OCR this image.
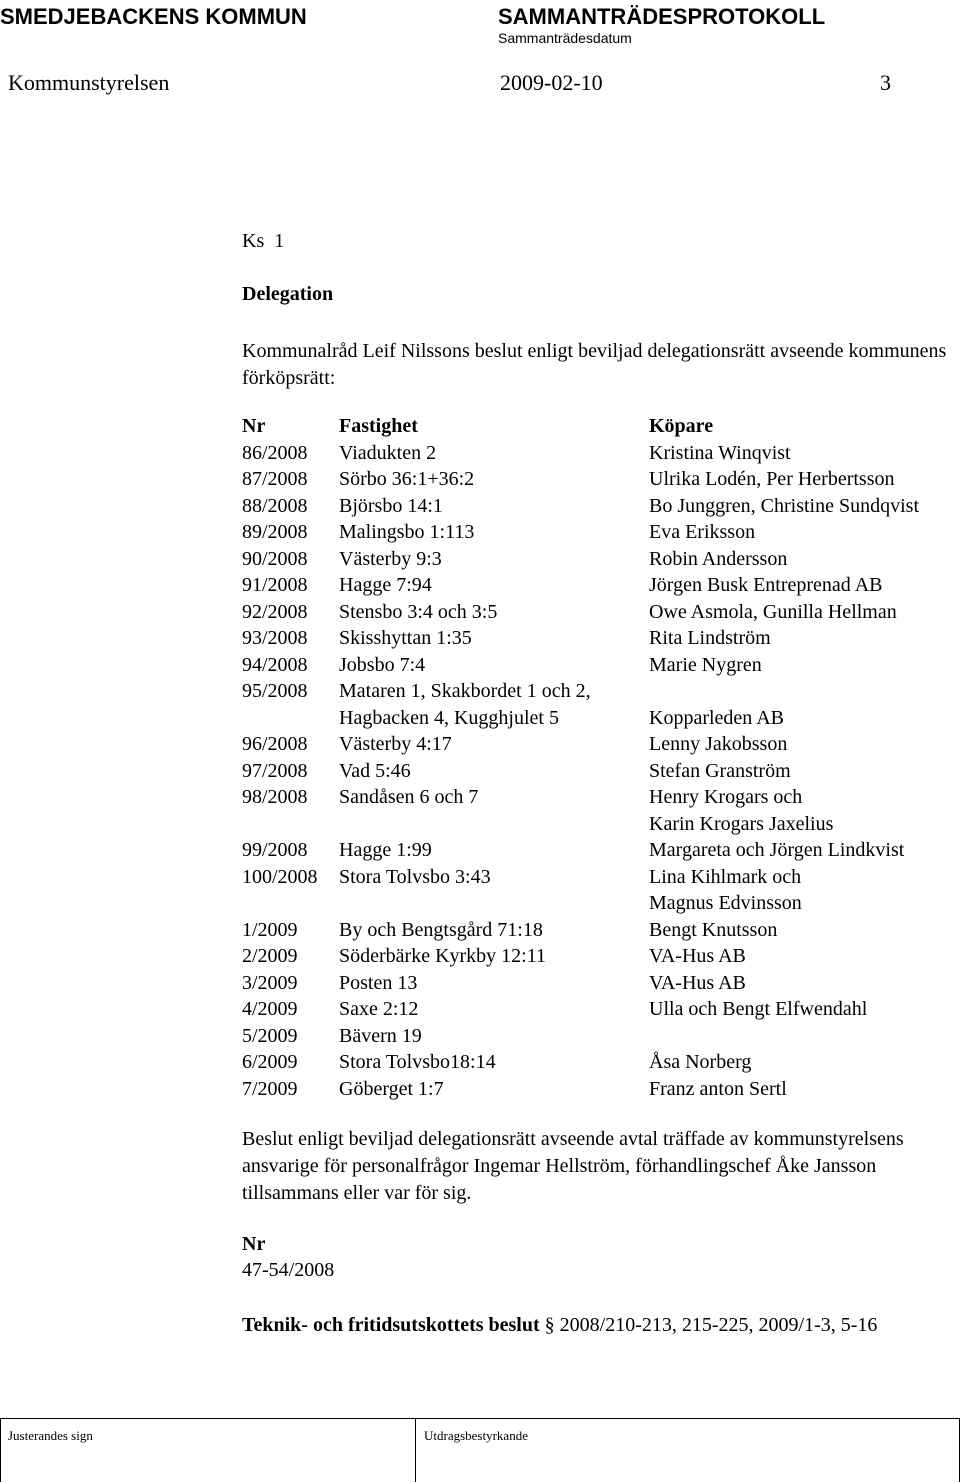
SMEDJEBACKENS KOMMUN	SAMMANTRÄDESPROTOKOLL
Sammanträdesdatum
Kommunstyrelsen	2009-02-10	3
Ks  1
Delegation
Kommunalråd Leif Nilssons beslut enligt beviljad delegationsrätt avseende kommunens förköpsrätt:
Nr	Fastighet	Köpare
86/2008	Viadukten 2	Kristina Winqvist
87/2008	Sörbo 36:1+36:2	Ulrika Lodén, Per Herbertsson
88/2008	Björsbo 14:1	Bo Junggren, Christine Sundqvist
89/2008	Malingsbo 1:113	Eva Eriksson
90/2008	Västerby 9:3	Robin Andersson
91/2008	Hagge 7:94	Jörgen Busk Entreprenad AB
92/2008	Stensbo 3:4 och 3:5	Owe Asmola, Gunilla Hellman
93/2008	Skisshyttan 1:35	Rita Lindström
94/2008	Jobsbo 7:4	Marie Nygren
95/2008	Mataren 1, Skakbordet 1 och 2,	
	Hagbacken 4, Kugghjulet 5	Kopparleden AB
96/2008	Västerby 4:17	Lenny Jakobsson
97/2008	Vad 5:46	Stefan Granström
98/2008	Sandåsen 6 och 7	Henry Krogars och
		Karin Krogars Jaxelius
99/2008	Hagge 1:99	Margareta och Jörgen Lindkvist
100/2008	Stora Tolvsbo 3:43	Lina Kihlmark och
		Magnus Edvinsson
1/2009	By och Bengtsgård 71:18	Bengt Knutsson
2/2009	Söderbärke Kyrkby 12:11	VA-Hus AB
3/2009	Posten 13	VA-Hus AB
4/2009	Saxe 2:12	Ulla och Bengt Elfwendahl
5/2009	Bävern 19	
6/2009	Stora Tolvsbo18:14	Åsa Norberg
7/2009	Göberget 1:7	Franz anton Sertl
Beslut enligt beviljad delegationsrätt avseende avtal träffade av kommunstyrelsens ansvarige för personalfrågor Ingemar Hellström, förhandlingschef Åke Jansson tillsammans eller var för sig.
Nr
47-54/2008
Teknik- och fritidsutskottets beslut § 2008/210-213, 215-225, 2009/1-3, 5-16
Justerandes sign	Utdragsbestyrkande
